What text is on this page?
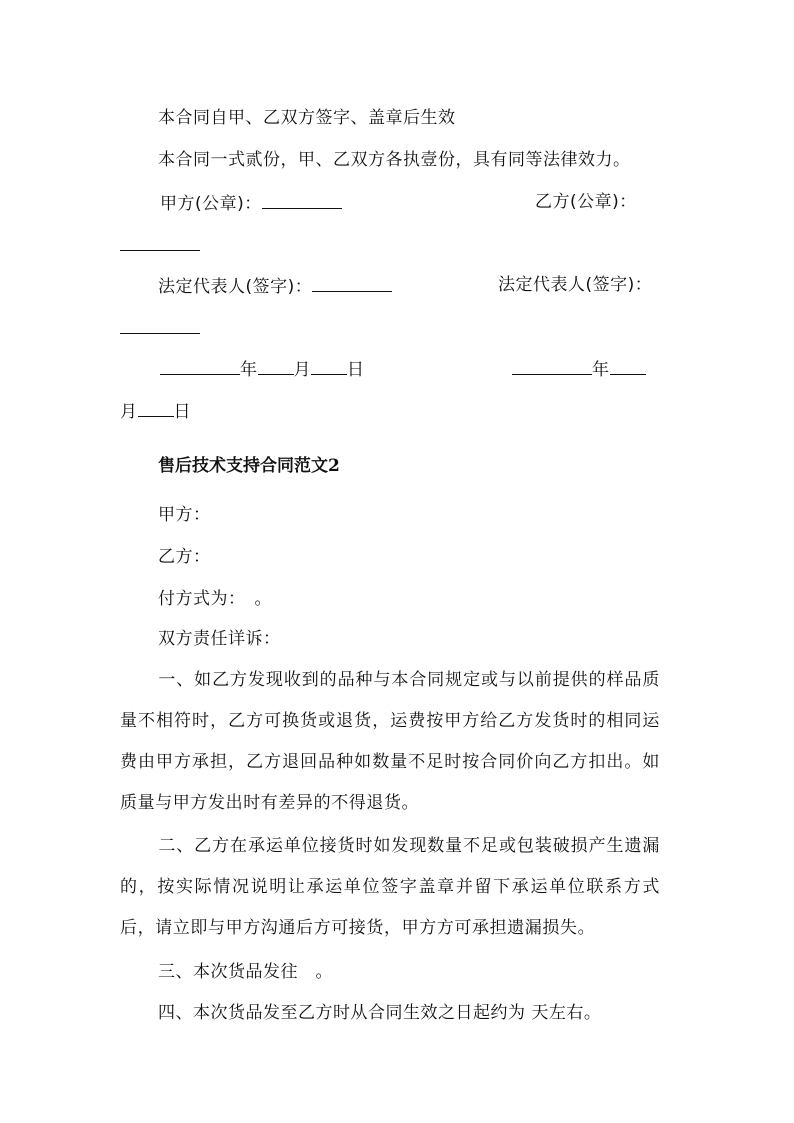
本合同自甲、乙双方签字、盖章后生效
本合同一式贰份，甲、乙双方各执壹份，具有同等法律效力。
甲方(公章)：	乙方(公章)：
法定代表人(签字)：	法定代表人(签字)：
年 月 日	年
月 日
售后技术支持合同范文2
甲方：
乙方：
付方式为：　。
双方责任详诉：
一、如乙方发现收到的品种与本合同规定或与以前提供的样品质量不相符时，乙方可换货或退货，运费按甲方给乙方发货时的相同运费由甲方承担，乙方退回品种如数量不足时按合同价向乙方扣出。如质量与甲方发出时有差异的不得退货。
二、乙方在承运单位接货时如发现数量不足或包装破损产生遗漏的，按实际情况说明让承运单位签字盖章并留下承运单位联系方式后，请立即与甲方沟通后方可接货，甲方方可承担遗漏损失。
三、本次货品发往　。
四、本次货品发至乙方时从合同生效之日起约为 天左右。
